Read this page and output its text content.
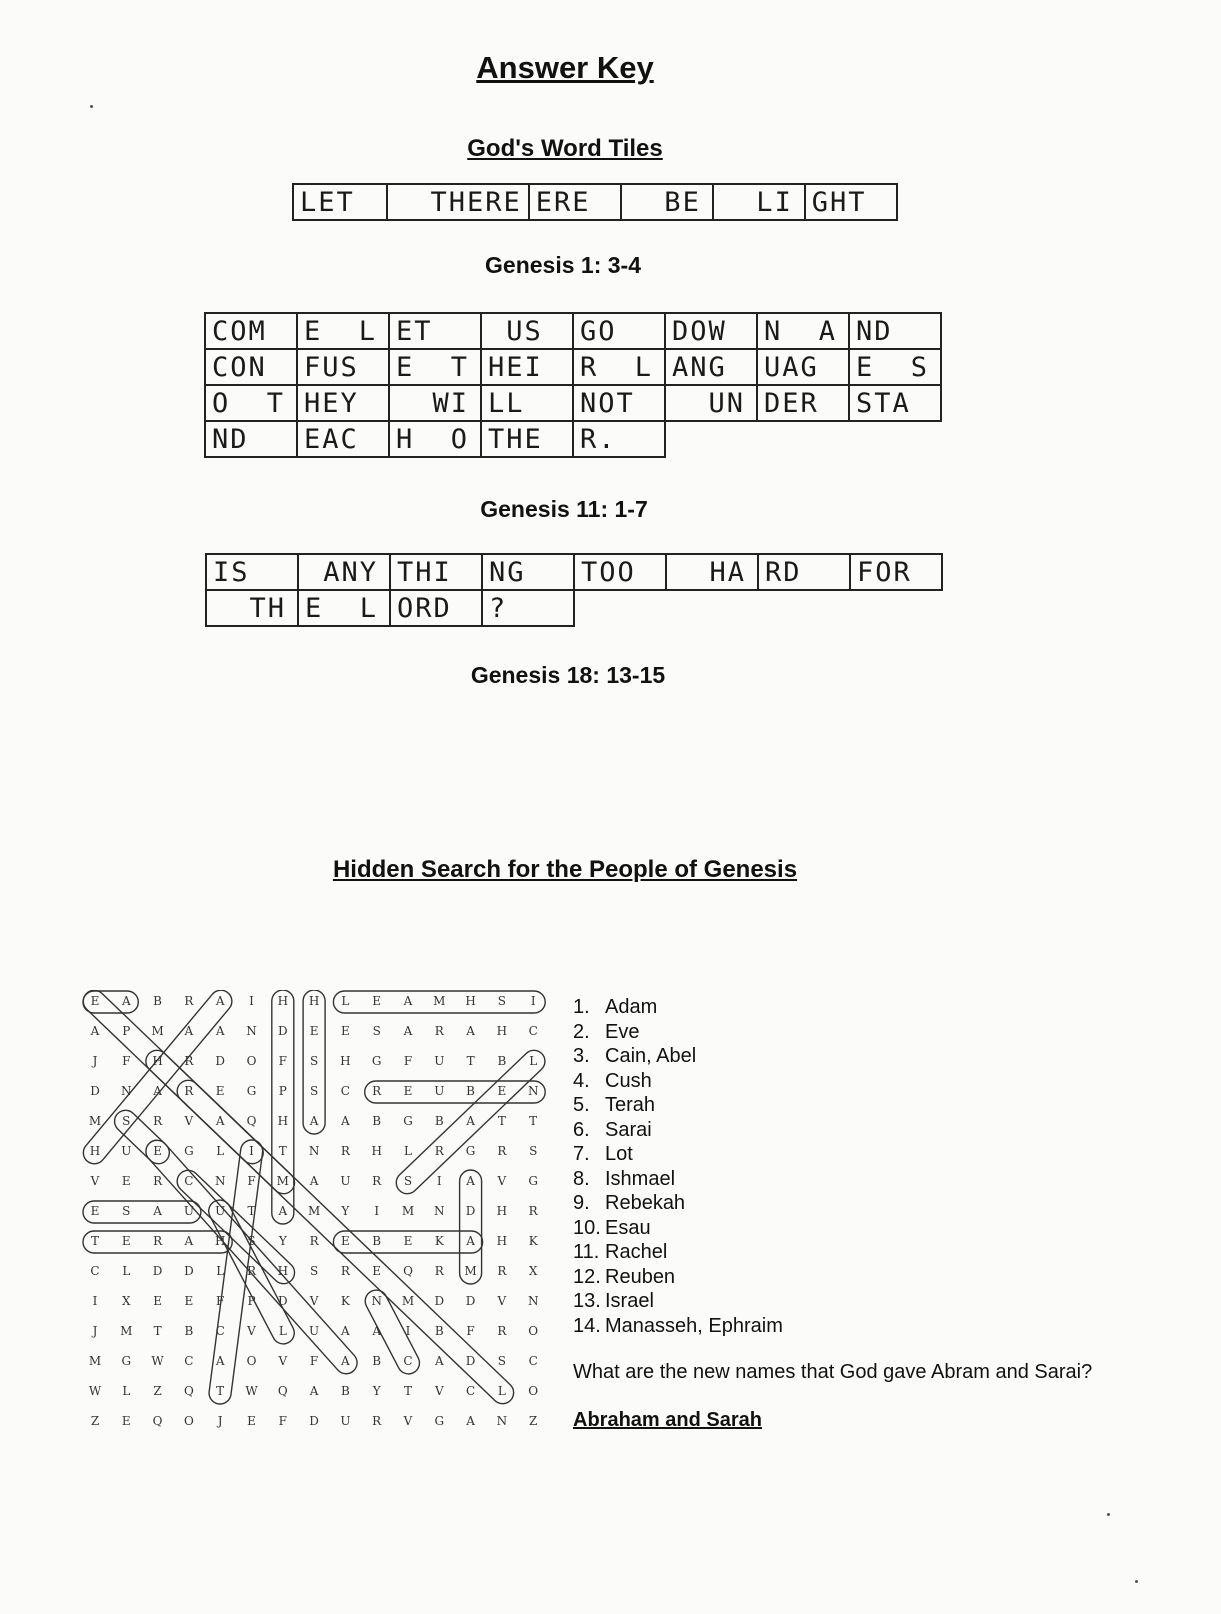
Answer Key
God's Word Tiles
LET	THERE	ERE	BE	LI	GHT
Genesis 1: 3-4
COM	E  L	ET	US	GO	DOW	N  A	ND
CON	FUS	E  T	HEI	R  L	ANG	UAG	E  S
O  T	HEY	WI	LL	NOT	UN	DER	STA
ND	EAC	H  O	THE	R.			
Genesis 11: 1-7
IS	ANY	THI	NG	TOO	HA	RD	FOR
TH	E  L	ORD	?				
Genesis 18: 13-15
Hidden Search for the People of Genesis
E	A	B	R	A	I	H	H	L	E	A	M	H	S	I
A	P	M	A	A	N	D	E	E	S	A	R	A	H	C
J	F	H	R	D	O	F	S	H	G	F	U	T	B	L
D	N	A	R	E	G	P	S	C	R	E	U	B	E	N
M	S	R	V	A	Q	H	A	A	B	G	B	A	T	T
H	U	E	G	L	I	T	N	R	H	L	R	G	R	S
V	E	R	C	N	F	M	A	U	R	S	I	A	V	G
E	S	A	U	U	T	A	M	Y	I	M	N	D	H	R
T	E	R	A	H	S	Y	R	E	B	E	K	A	H	K
C	L	D	D	L	R	H	S	R	E	Q	R	M	R	X
I	X	E	E	F	P	D	V	K	N	M	D	D	V	N
J	M	T	B	C	V	L	U	A	A	I	B	F	R	O
M	G	W	C	A	O	V	F	A	B	C	A	D	S	C
W	L	Z	Q	T	W	Q	A	B	Y	T	V	C	L	O
Z	E	Q	O	J	E	F	D	U	R	V	G	A	N	Z
1. Adam
2. Eve
3. Cain, Abel
4. Cush
5. Terah
6. Sarai
7. Lot
8. Ishmael
9. Rebekah
10. Esau
11. Rachel
12. Reuben
13. Israel
14. Manasseh, Ephraim
What are the new names that God gave Abram and Sarai?
Abraham and Sarah
